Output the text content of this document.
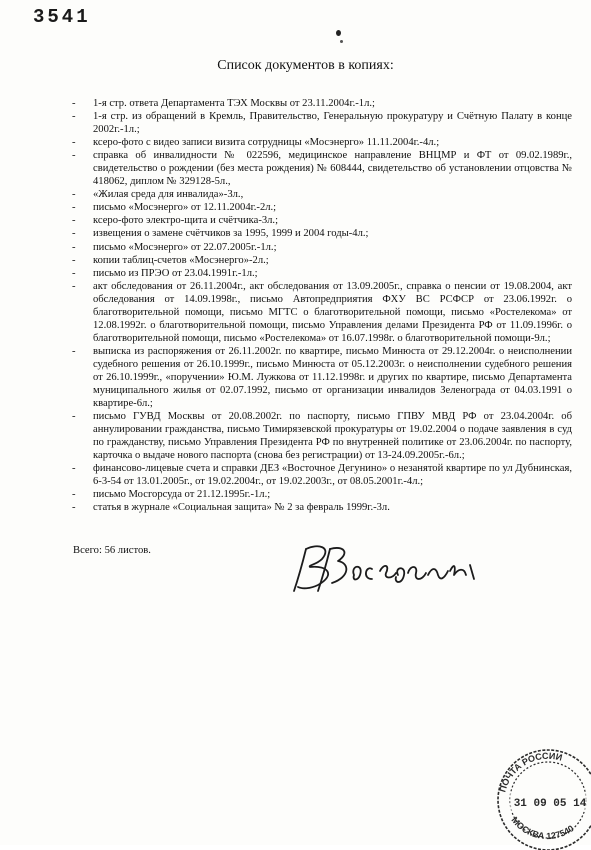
3541
Список документов в копиях:
- 1-я стр. ответа Департамента ТЭХ Москвы от 23.11.2004г.-1л.;
- 1-я стр. из обращений в Кремль, Правительство, Генеральную прокуратуру и Счётную Палату в конце 2002г.-1л.;
- ксеро-фото с видео записи визита сотрудницы «Мосэнерго» 11.11.2004г.-4л.;
- справка об инвалидности № 022596, медицинское направление ВНЦМР и ФТ от 09.02.1989г., свидетельство о рождении (без места рождения) № 608444, свидетельство об установлении отцовства № 418062, диплом № 329128-5л.,
- «Жилая среда для инвалида»-3л.,
- письмо «Мосэнерго» от 12.11.2004г.-2л.;
- ксеро-фото электро-щита и счётчика-3л.;
- извещения о замене счётчиков за 1995, 1999 и 2004 годы-4л.;
- письмо «Мосэнерго» от 22.07.2005г.-1л.;
- копии таблиц-счетов «Мосэнерго»-2л.;
- письмо из ПРЭО от 23.04.1991г.-1л.;
- акт обследования от 26.11.2004г., акт обследования от 13.09.2005г., справка о пенсии от 19.08.2004, акт обследования от 14.09.1998г., письмо Автопредприятия ФХУ ВС РСФСР от 23.06.1992г. о благотворительной помощи, письмо МГТС о благотворительной помощи, письмо «Ростелекома» от 12.08.1992г. о благотворительной помощи, письмо Управления делами Президента РФ от 11.09.1996г. о благотворительной помощи, письмо «Ростелекома» от 16.07.1998г. о благотворительной помощи-9л.;
- выписка из распоряжения от 26.11.2002г. по квартире, письмо Минюста от 29.12.2004г. о неисполнении судебного решения от 26.10.1999г., письмо Минюста от 05.12.2003г. о неисполнении судебного решения от 26.10.1999г., «поручении» Ю.М. Лужкова от 11.12.1998г. и других по квартире, письмо Департамента муниципального жилья от 02.07.1992, письмо от организации инвалидов Зеленограда от 04.03.1991 о квартире-6л.;
- письмо ГУВД Москвы от 20.08.2002г. по паспорту, письмо ГПВУ МВД РФ от 23.04.2004г. об аннулировании гражданства, письмо Тимирязевской прокуратуры от 19.02.2004 о подаче заявления в суд по гражданству, письмо Управления Президента РФ по внутренней политике от 23.06.2004г. по паспорту, карточка о выдаче нового паспорта (снова без регистрации) от 13-24.09.2005г.-6л.;
- финансово-лицевые счета и справки ДЕЗ «Восточное Дегунино» о незанятой квартире по ул Дубнинская, 6-3-54 от 13.01.2005г., от 19.02.2004г., от 19.02.2003г., от 08.05.2001г.-4л.;
- письмо Мосгорсуда от 21.12.1995г.-1л.;
- статья в журнале «Социальная защита» № 2 за февраль 1999г.-3л.
Всего: 56 листов.
ПОЧТА РОССИИ
31 09 05 14
МОСКВА 127540
